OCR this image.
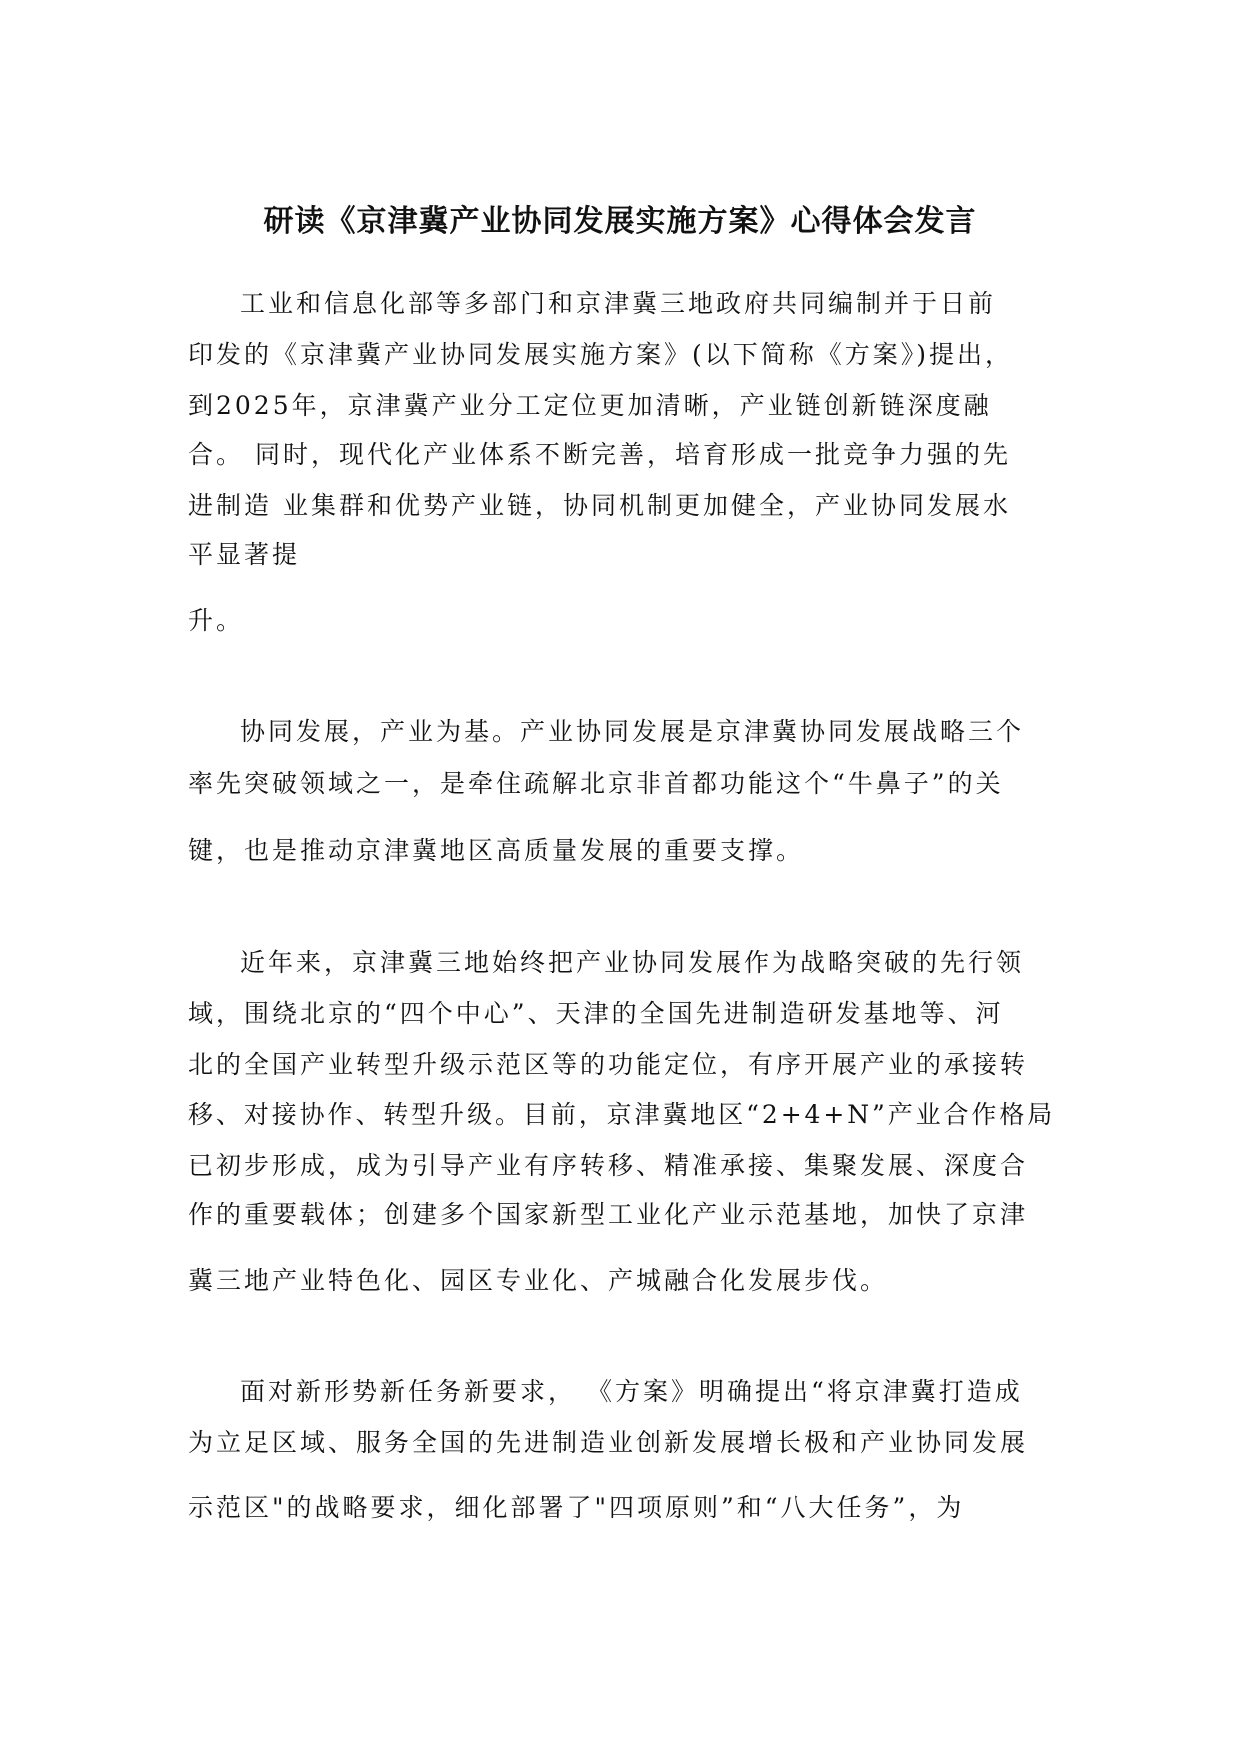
研读《京津冀产业协同发展实施方案》心得体会发言
工业和信息化部等多部门和京津冀三地政府共同编制并于日前
印发的《京津冀产业协同发展实施方案》(以下简称《方案》)提出，
到2025年，京津冀产业分工定位更加清晰，产业链创新链深度融
合。 同时，现代化产业体系不断完善，培育形成一批竞争力强的先
进制造 业集群和优势产业链，协同机制更加健全，产业协同发展水
平显著提
升。
协同发展，产业为基。产业协同发展是京津冀协同发展战略三个
率先突破领域之一，是牵住疏解北京非首都功能这个“牛鼻子”的关
键，也是推动京津冀地区高质量发展的重要支撑。
近年来，京津冀三地始终把产业协同发展作为战略突破的先行领
域，围绕北京的“四个中心”、天津的全国先进制造研发基地等、河
北的全国产业转型升级示范区等的功能定位，有序开展产业的承接转
移、对接协作、转型升级。目前，京津冀地区“2+4+N”产业合作格局
已初步形成，成为引导产业有序转移、精准承接、集聚发展、深度合
作的重要载体；创建多个国家新型工业化产业示范基地，加快了京津
冀三地产业特色化、园区专业化、产城融合化发展步伐。
面对新形势新任务新要求， 《方案》明确提出“将京津冀打造成
为立足区域、服务全国的先进制造业创新发展增长极和产业协同发展
示范区"的战略要求，细化部署了"四项原则”和“八大任务”，为
